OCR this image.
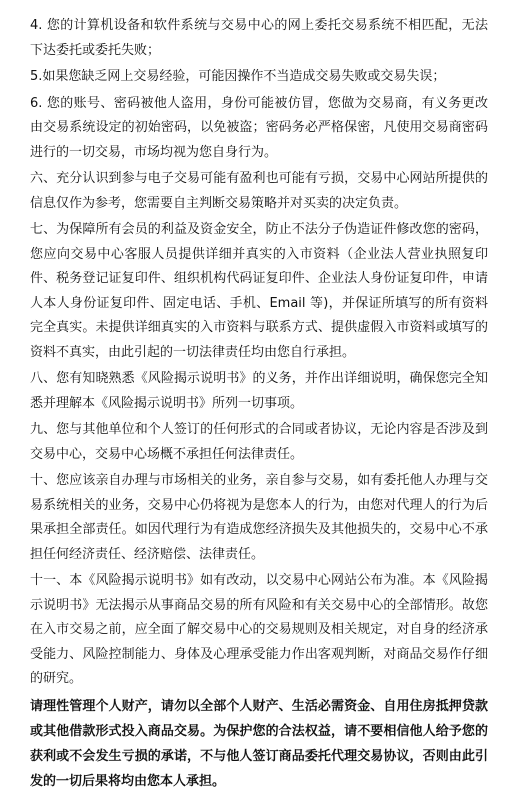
4. 您的计算机设备和软件系统与交易中心的网上委托交易系统不相匹配，无法下达委托或委托失败；

5.如果您缺乏网上交易经验，可能因操作不当造成交易失败或交易失误；

6. 您的账号、密码被他人盗用，身份可能被仿冒，您做为交易商，有义务更改由交易系统设定的初始密码，以免被盗；密码务必严格保密，凡使用交易商密码进行的一切交易，市场均视为您自身行为。

六、充分认识到参与电子交易可能有盈利也可能有亏损，交易中心网站所提供的信息仅作为参考，您需要自主判断交易策略并对买卖的决定负责。

七、为保障所有会员的利益及资金安全，防止不法分子伪造证件修改您的密码，您应向交易中心客服人员提供详细并真实的入市资料（企业法人营业执照复印件、税务登记证复印件、组织机构代码证复印件、企业法人身份证复印件，申请人本人身份证复印件、固定电话、手机、Email 等)，并保证所填写的所有资料完全真实。未提供详细真实的入市资料与联系方式、提供虚假入市资料或填写的资料不真实，由此引起的一切法律责任均由您自行承担。

八、您有知晓熟悉《风险揭示说明书》的义务，并作出详细说明，确保您完全知悉并理解本《风险揭示说明书》所列一切事项。

九、您与其他单位和个人签订的任何形式的合同或者协议，无论内容是否涉及到交易中心，交易中心场概不承担任何法律责任。

十、您应该亲自办理与市场相关的业务，亲自参与交易，如有委托他人办理与交易系统相关的业务，交易中心仍将视为是您本人的行为，由您对代理人的行为后果承担全部责任。如因代理行为有造成您经济损失及其他损失的，交易中心不承担任何经济责任、经济赔偿、法律责任。

十一、本《风险揭示说明书》如有改动，以交易中心网站公布为准。本《风险揭示说明书》无法揭示从事商品交易的所有风险和有关交易中心的全部情形。故您在入市交易之前，应全面了解交易中心的交易规则及相关规定，对自身的经济承受能力、风险控制能力、身体及心理承受能力作出客观判断，对商品交易作仔细的研究。

请理性管理个人财产，请勿以全部个人财产、生活必需资金、自用住房抵押贷款或其他借款形式投入商品交易。为保护您的合法权益，请不要相信他人给予您的获利或不会发生亏损的承诺，不与他人签订商品委托代理交易协议，否则由此引发的一切后果将均由您本人承担。
